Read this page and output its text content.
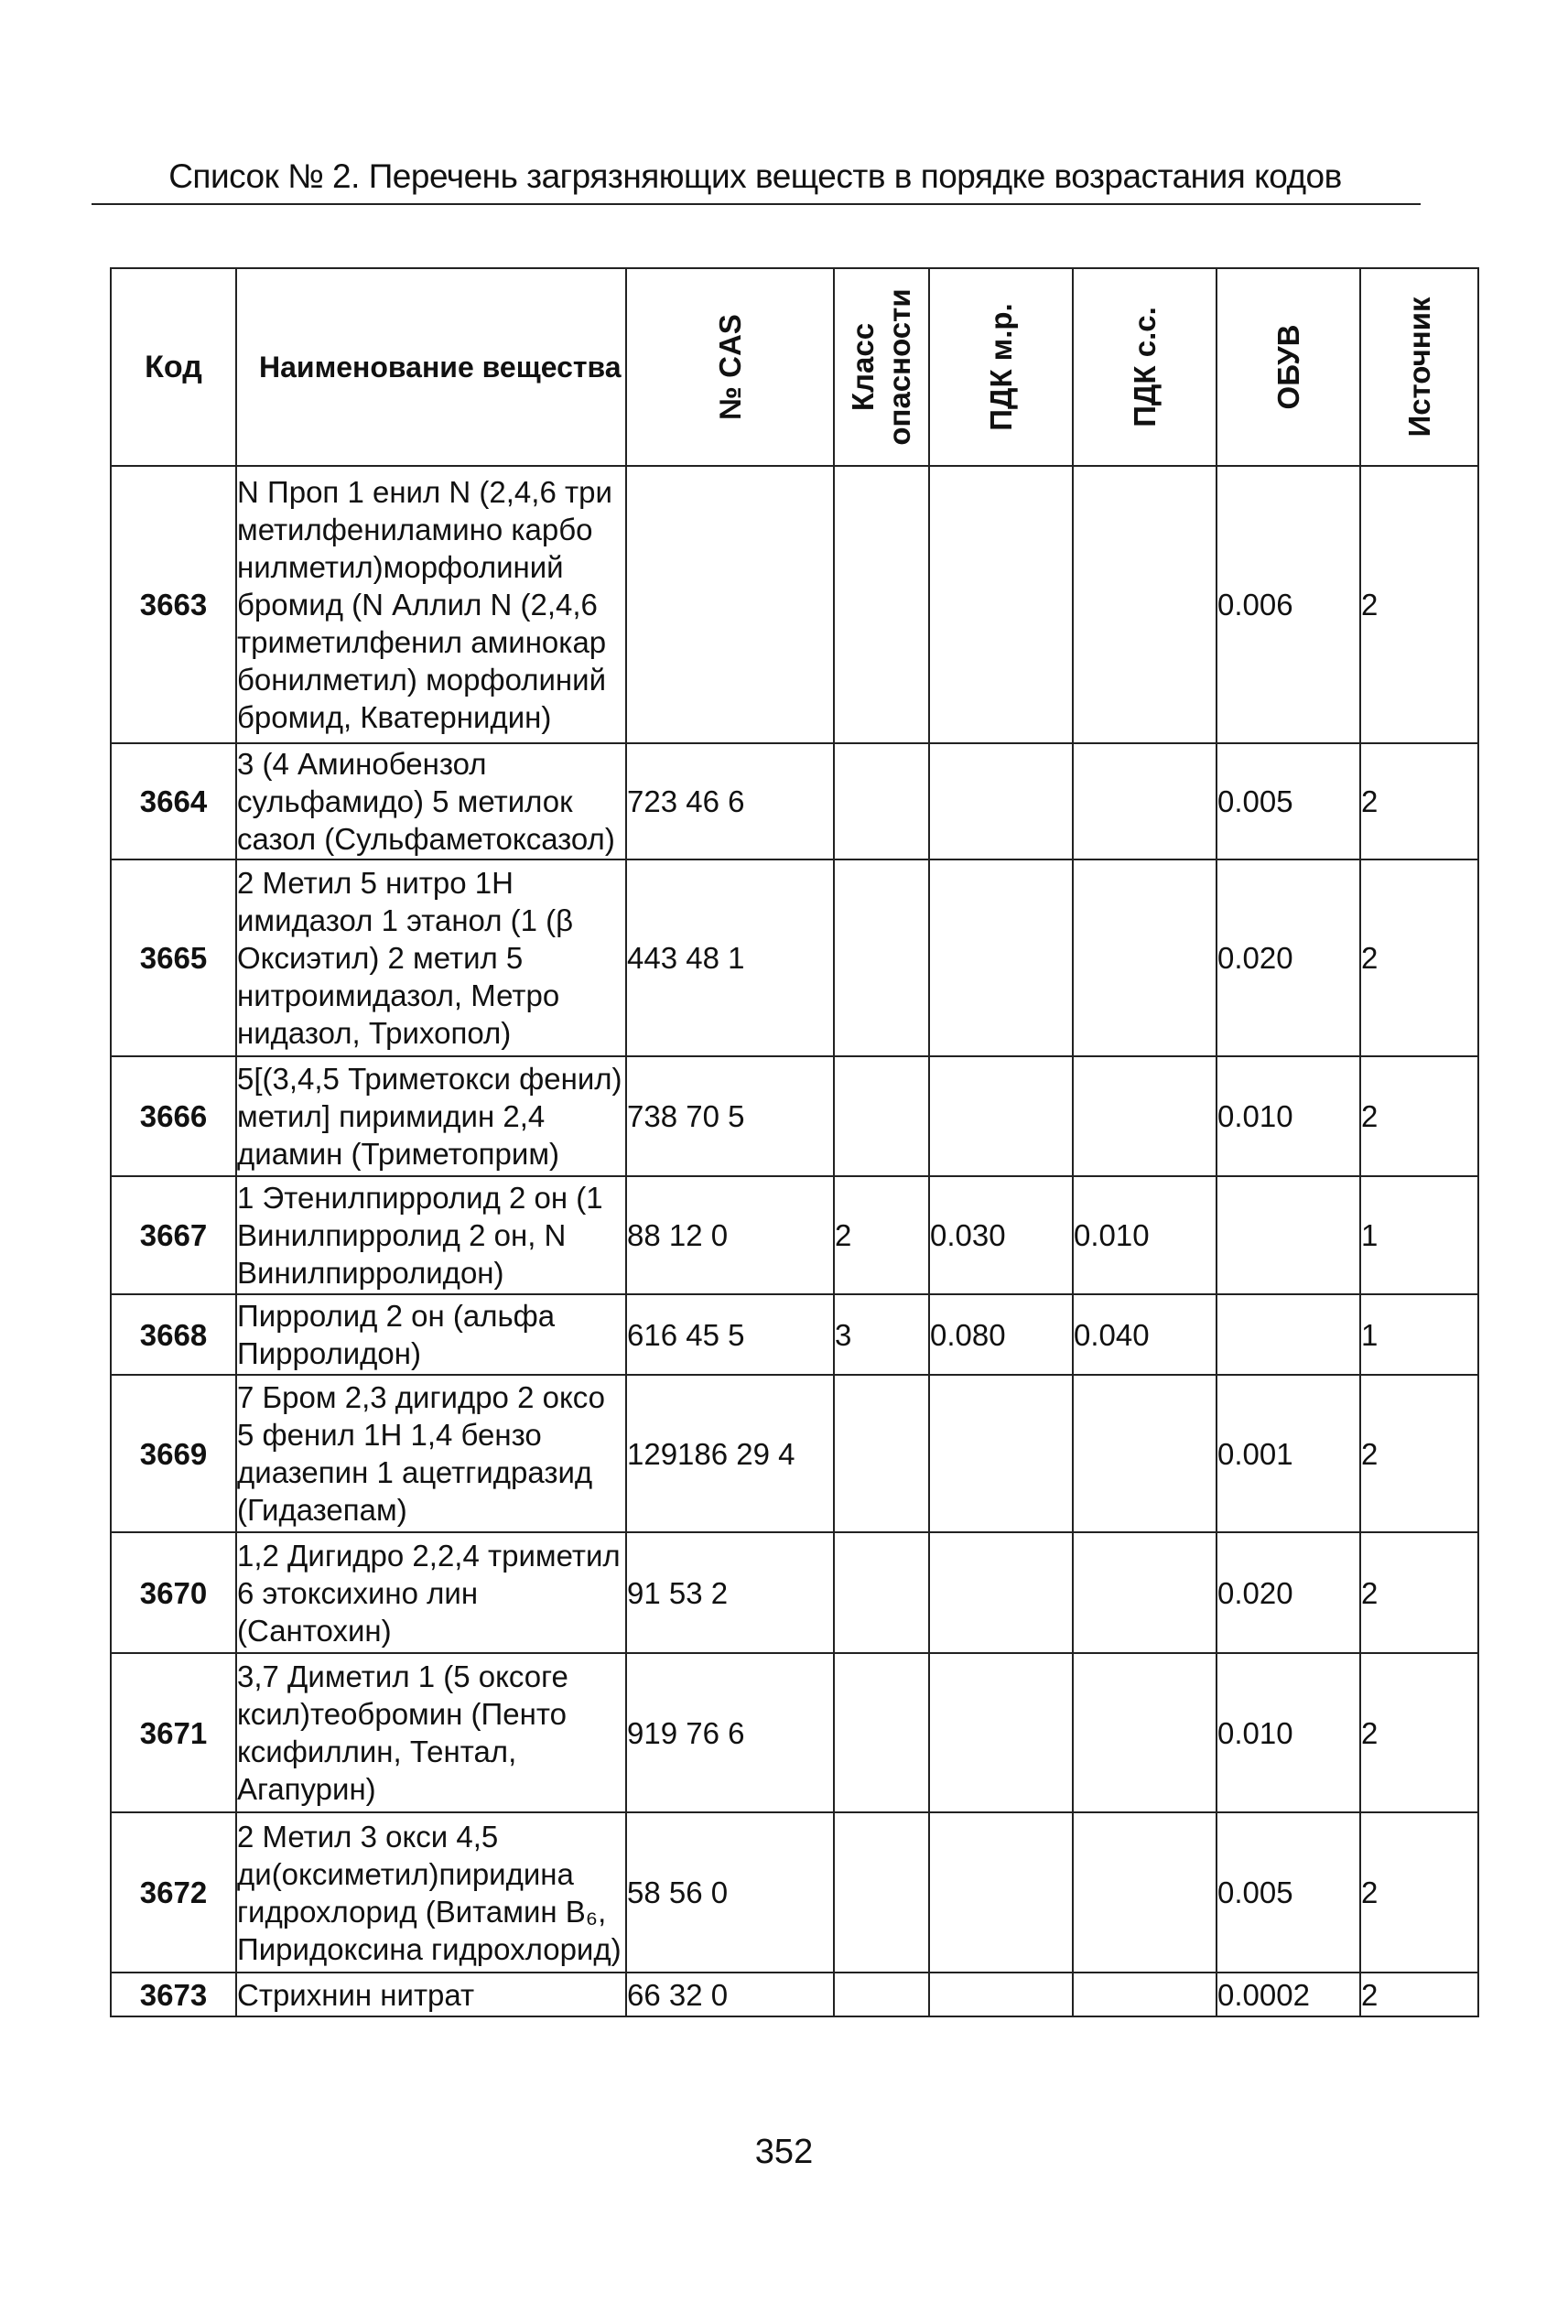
Список № 2. Перечень загрязняющих веществ в порядке возрастания кодов
Код	Наименование вещества	№ CAS	Класс опасности	ПДК м.р.	ПДК с.с.	ОБУВ	Источник

3663	N Проп 1 енил N (2,4,6 три метилфениламино карбо нилметил)морфолиний бромид (N Аллил N (2,4,6 триметилфенил аминокар бонилметил) морфолиний бромид, Кватернидин)					0.006	2
3664	3 (4 Аминобензол сульфамидо) 5 метилок сазол (Сульфаметоксазол)	723 46 6				0.005	2
3665	2 Метил 5 нитро 1Н имидазол 1 этанол (1 (β Оксиэтил) 2 метил 5 нитроимидазол, Метро нидазол, Трихопол)	443 48 1				0.020	2
3666	5[(3,4,5 Триметокси фенил) метил] пиримидин 2,4 диамин (Триметоприм)	738 70 5				0.010	2
3667	1 Этенилпирролид 2 он (1 Винилпирролид 2 он, N Винилпирролидон)	88 12 0	2	0.030	0.010		1
3668	Пирролид 2 он (альфа Пирролидон)	616 45 5	3	0.080	0.040		1
3669	7 Бром 2,3 дигидро 2 оксо 5 фенил 1Н 1,4 бензо диазепин 1 ацетгидразид (Гидазепам)	129186 29 4				0.001	2
3670	1,2 Дигидро 2,2,4 триметил 6 этоксихино лин (Сантохин)	91 53 2				0.020	2
3671	3,7 Диметил 1 (5 оксоге ксил)теобромин (Пенто ксифиллин, Тентал, Агапурин)	919 76 6				0.010	2
3672	2 Метил 3 окси 4,5 ди(оксиметил)пиридина гидрохлорид (Витамин В₆, Пиридоксина гидрохлорид)	58 56 0				0.005	2
3673	Стрихнин нитрат	66 32 0				0.0002	2
352
